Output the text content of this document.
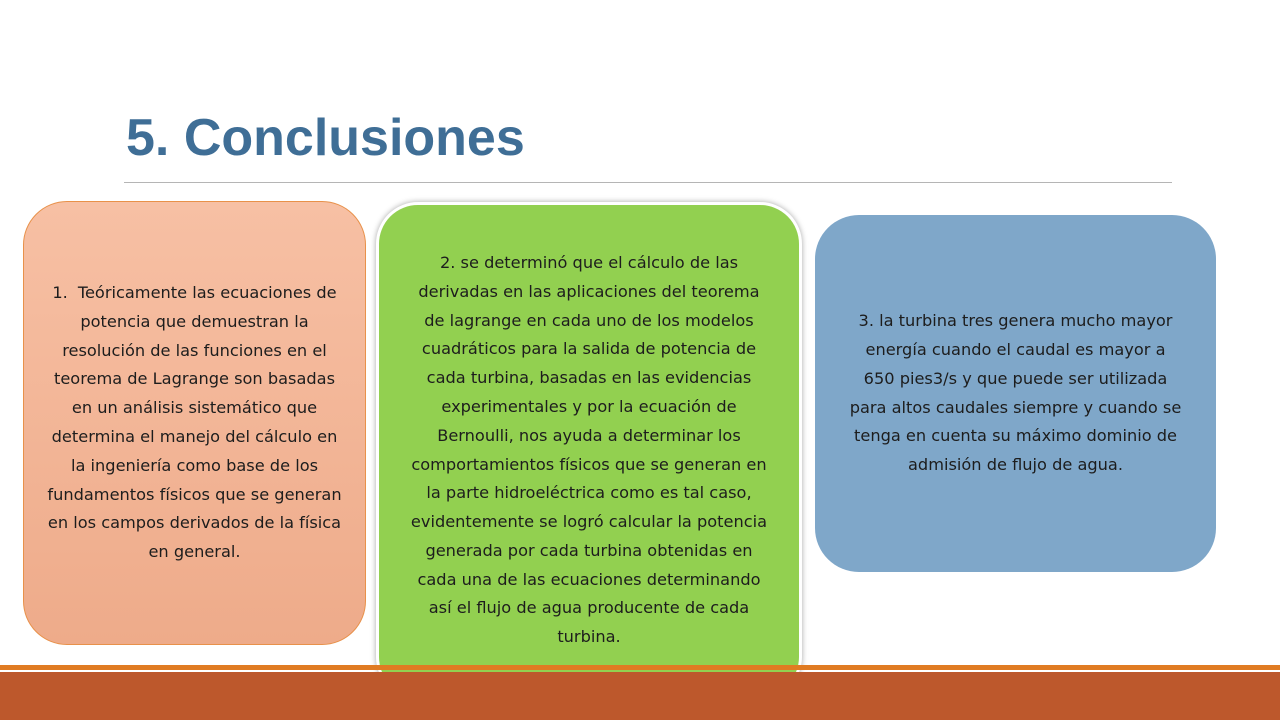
5. Conclusiones
1. Teóricamente las ecuaciones de potencia que demuestran la resolución de las funciones en el teorema de Lagrange son basadas en un análisis sistemático que determina el manejo del cálculo en la ingeniería como base de los fundamentos físicos que se generan en los campos derivados de la física en general.
2. se determinó que el cálculo de las derivadas en las aplicaciones del teorema de lagrange en cada uno de los modelos cuadráticos para la salida de potencia de cada turbina, basadas en las evidencias experimentales y por la ecuación de Bernoulli, nos ayuda a determinar los comportamientos físicos que se generan en la parte hidroeléctrica como es tal caso, evidentemente se logró calcular la potencia generada por cada turbina obtenidas en cada una de las ecuaciones determinando así el flujo de agua producente de cada turbina.
3. la turbina tres genera mucho mayor energía cuando el caudal es mayor a 650 pies3/s y que puede ser utilizada para altos caudales siempre y cuando se tenga en cuenta su máximo dominio de admisión de flujo de agua.
